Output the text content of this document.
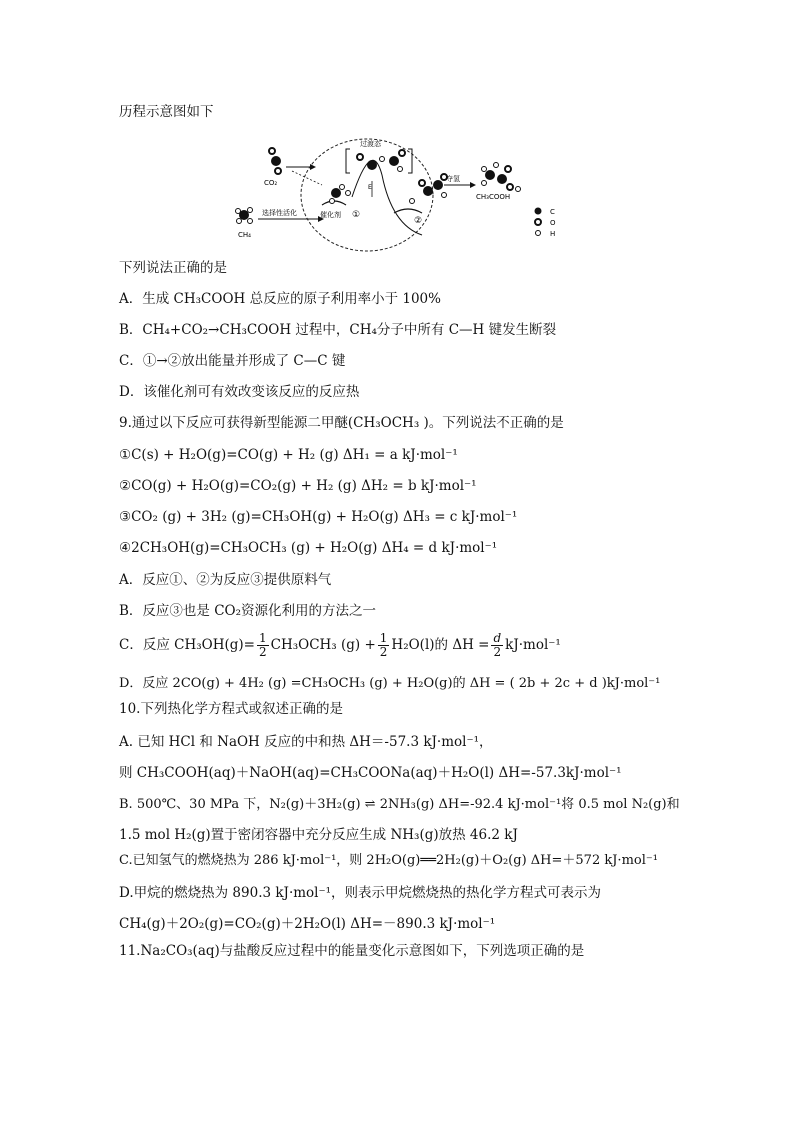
历程示意图如下
CO₂
CH₄
选择性活化	催化剂 ①
过渡态
E
②
夺氢
CH₃COOH
C
O
H
下列说法正确的是
A．生成 CH₃COOH 总反应的原子利用率小于 100%
B．CH₄+CO₂→CH₃COOH 过程中，CH₄分子中所有 C—H 键发生断裂
C．①→②放出能量并形成了 C—C 键
D．该催化剂可有效改变该反应的反应热
9.通过以下反应可获得新型能源二甲醚(CH₃OCH₃ )。下列说法不正确的是
①C(s) + H₂O(g)=CO(g) + H₂ (g) ΔH₁ = a kJ·mol⁻¹
②CO(g) + H₂O(g)=CO₂(g) + H₂ (g) ΔH₂ = b kJ·mol⁻¹
③CO₂ (g) + 3H₂ (g)=CH₃OH(g) + H₂O(g) ΔH₃ = c kJ·mol⁻¹
④2CH₃OH(g)=CH₃OCH₃ (g) + H₂O(g) ΔH₄ = d kJ·mol⁻¹
A．反应①、②为反应③提供原料气
B．反应③也是 CO₂资源化利用的方法之一
C．反应 $CH_3OH(g)= \frac{1}{2} CH_3OCH_3$ $(g) + \frac{1}{2} H_2O(l)$的 $\Delta H = \frac{d}{2} kJ\cdot mol^{-1}$
D．反应 2CO(g) + 4H₂ (g) =CH₃OCH₃ (g) + H₂O(g)的 ΔH = ( 2b + 2c + d )kJ·mol⁻¹
10.下列热化学方程式或叙述正确的是
A. 已知 HCl 和 NaOH 反应的中和热 ΔH＝-57.3 kJ·mol⁻¹，
则 CH₃COOH(aq)＋NaOH(aq)=CH₃COONa(aq)＋H₂O(l) ΔH=-57.3kJ·mol⁻¹
B. 500℃、30 MPa 下，N₂(g)＋3H₂(g) ⇌ 2NH₃(g) ΔH=-92.4 kJ·mol⁻¹将 0.5 mol N₂(g)和
1.5 mol H₂(g)置于密闭容器中充分反应生成 NH₃(g)放热 46.2 kJ
C.已知氢气的燃烧热为 286 kJ·mol⁻¹，则 2H₂O(g)══2H₂(g)＋O₂(g) ΔH=＋572 kJ·mol⁻¹
D.甲烷的燃烧热为 890.3 kJ·mol⁻¹，则表示甲烷燃烧热的热化学方程式可表示为
CH₄(g)＋2O₂(g)=CO₂(g)＋2H₂O(l) ΔH=－890.3 kJ·mol⁻¹
11.Na₂CO₃(aq)与盐酸反应过程中的能量变化示意图如下，下列选项正确的是
